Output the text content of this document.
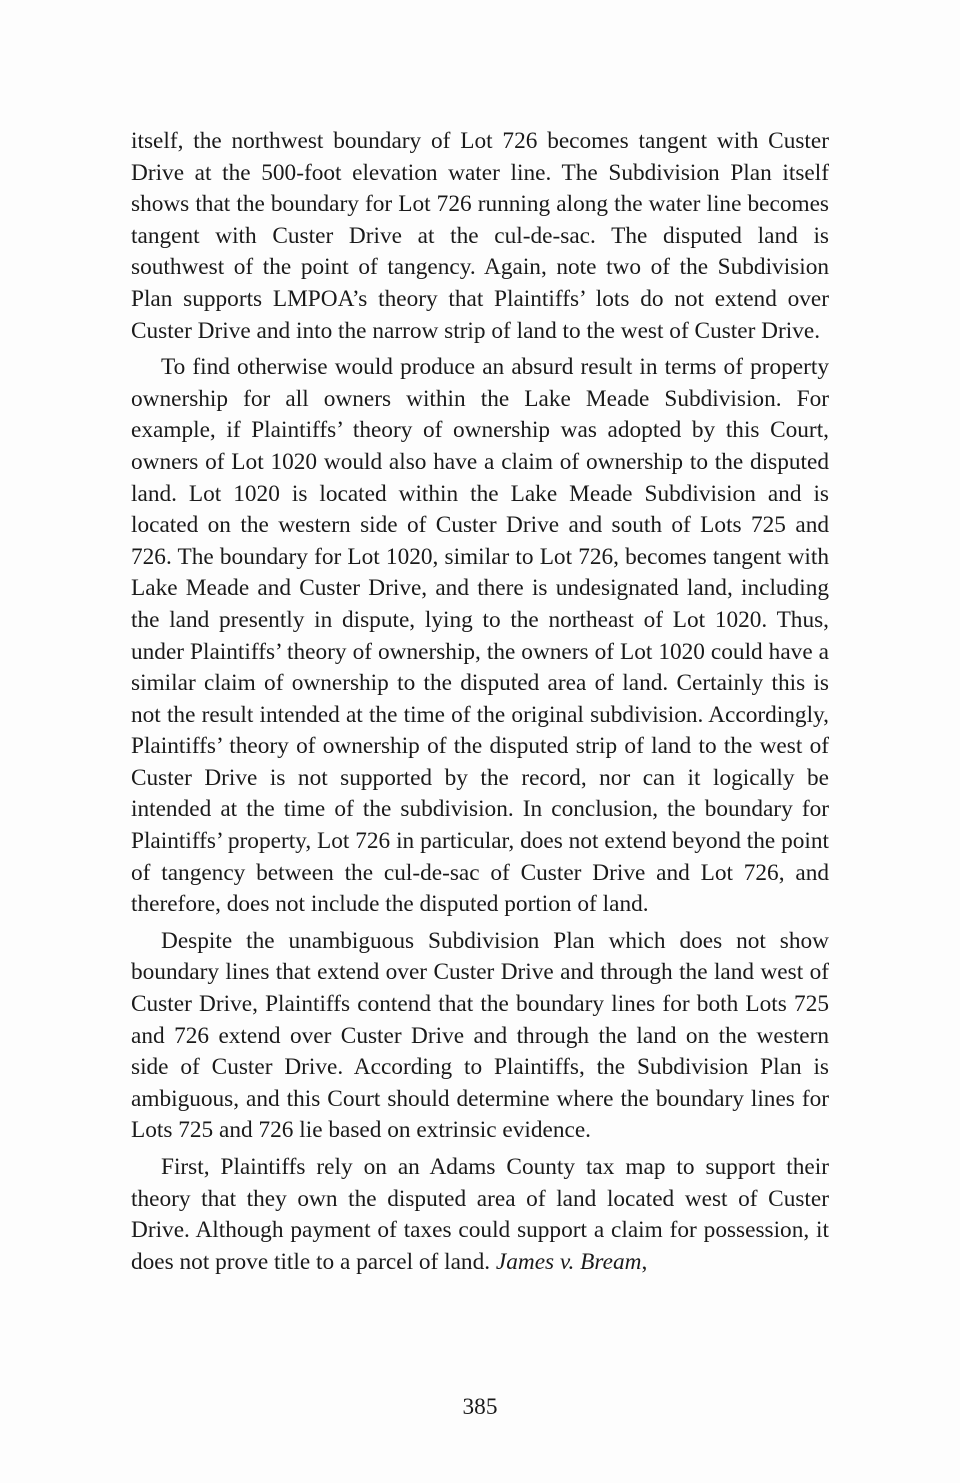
itself, the northwest boundary of Lot 726 becomes tangent with Custer Drive at the 500-foot elevation water line. The Subdivision Plan itself shows that the boundary for Lot 726 running along the water line becomes tangent with Custer Drive at the cul-de-sac. The disputed land is southwest of the point of tangency. Again, note two of the Subdivision Plan supports LMPOA’s theory that Plaintiffs’ lots do not extend over Custer Drive and into the narrow strip of land to the west of Custer Drive.

To find otherwise would produce an absurd result in terms of property ownership for all owners within the Lake Meade Subdivision. For example, if Plaintiffs’ theory of ownership was adopted by this Court, owners of Lot 1020 would also have a claim of ownership to the disputed land. Lot 1020 is located within the Lake Meade Subdivision and is located on the western side of Custer Drive and south of Lots 725 and 726. The boundary for Lot 1020, similar to Lot 726, becomes tangent with Lake Meade and Custer Drive, and there is undesignated land, including the land presently in dispute, lying to the northeast of Lot 1020. Thus, under Plaintiffs’ theory of ownership, the owners of Lot 1020 could have a similar claim of ownership to the disputed area of land. Certainly this is not the result intended at the time of the original subdivision. Accordingly, Plaintiffs’ theory of ownership of the disputed strip of land to the west of Custer Drive is not supported by the record, nor can it logically be intended at the time of the subdivision. In conclusion, the boundary for Plaintiffs’ property, Lot 726 in particular, does not extend beyond the point of tangency between the cul-de-sac of Custer Drive and Lot 726, and therefore, does not include the disputed portion of land.

Despite the unambiguous Subdivision Plan which does not show boundary lines that extend over Custer Drive and through the land west of Custer Drive, Plaintiffs contend that the boundary lines for both Lots 725 and 726 extend over Custer Drive and through the land on the western side of Custer Drive. According to Plaintiffs, the Subdivision Plan is ambiguous, and this Court should determine where the boundary lines for Lots 725 and 726 lie based on extrinsic evidence.

First, Plaintiffs rely on an Adams County tax map to support their theory that they own the disputed area of land located west of Custer Drive. Although payment of taxes could support a claim for possession, it does not prove title to a parcel of land. James v. Bream,

385
